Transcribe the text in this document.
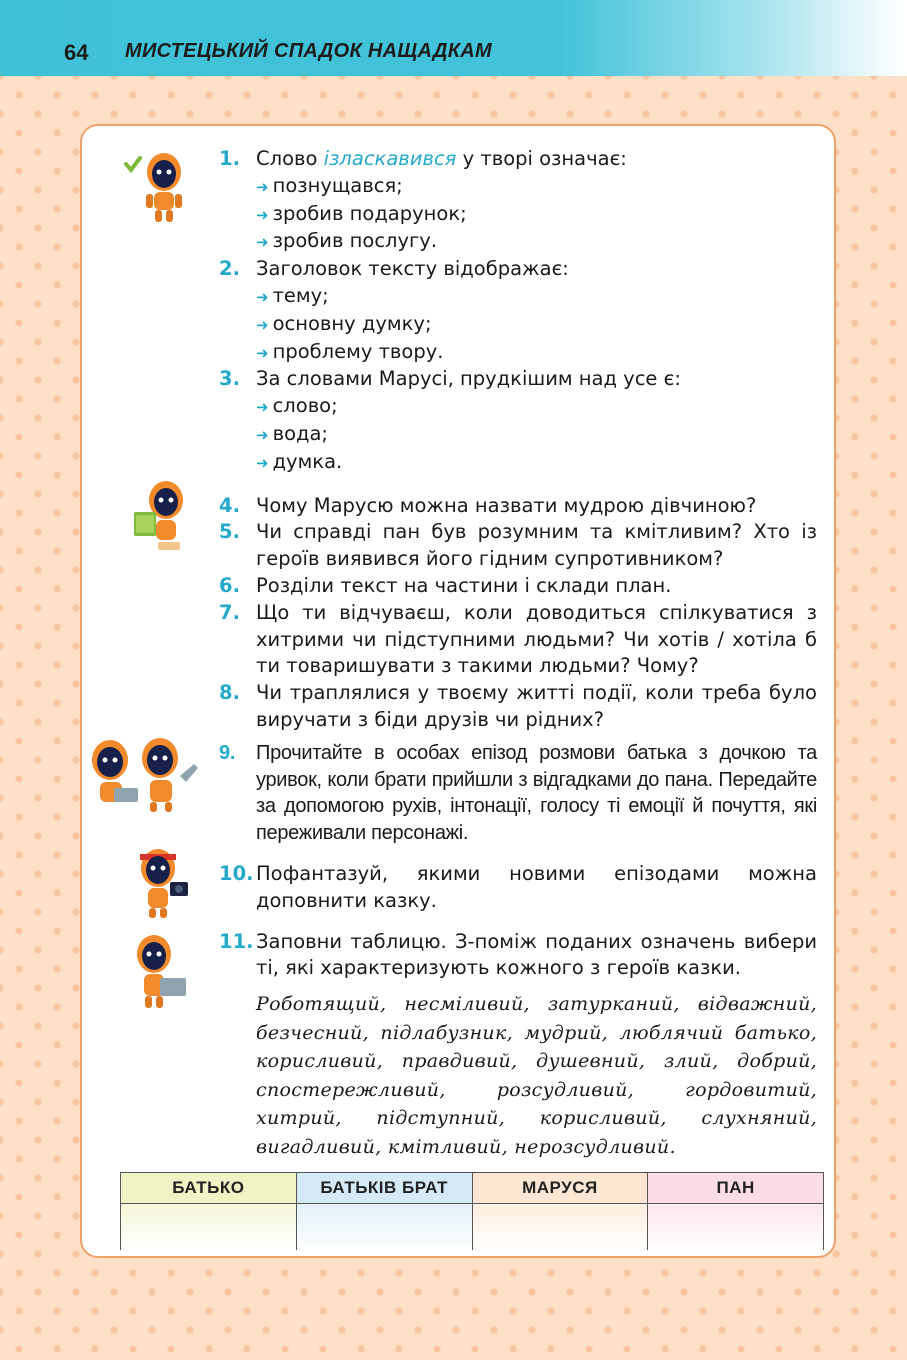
64 МИСТЕЦЬКИЙ СПАДОК НАЩАДКАМ
1. Слово ізласкавився у творі означає:
➜ познущався;
➜ зробив подарунок;
➜ зробив послугу.
2. Заголовок тексту відображає:
➜ тему;
➜ основну думку;
➜ проблему твору.
3. За словами Марусі, прудкішим над усе є:
➜ слово;
➜ вода;
➜ думка.
4. Чому Марусю можна назвати мудрою дівчиною?
5. Чи справді пан був розумним та кмітливим? Хто із героїв виявився його гідним супротивником?
6. Розділи текст на частини і склади план.
7. Що ти відчуваєш, коли доводиться спілкуватися з хитрими чи підступними людьми? Чи хотів / хотіла б ти товаришувати з такими людьми? Чому?
8. Чи траплялися у твоєму житті події, коли треба було виручати з біди друзів чи рідних?
9. Прочитайте в особах епізод розмови батька з дочкою та уривок, коли брати прийшли з відгадками до пана. Передайте за допомогою рухів, інтонації, голосу ті емоції й почуття, які переживали персонажі.
10. Пофантазуй, якими новими епізодами можна доповнити казку.
11. Заповни таблицю. З-поміж поданих означень вибери ті, які характеризують кожного з героїв казки.
Роботящий, несміливий, затурканий, відважний, безчесний, підлабузник, мудрий, люблячий батько, корисливий, правдивий, душевний, злий, добрий, спостережливий, розсудливий, гордовитий, хитрий, підступний, корисливий, слухняний, вигадливий, кмітливий, нерозсудливий.
БАТЬКО	БАТЬКІВ БРАТ	МАРУСЯ	ПАН
